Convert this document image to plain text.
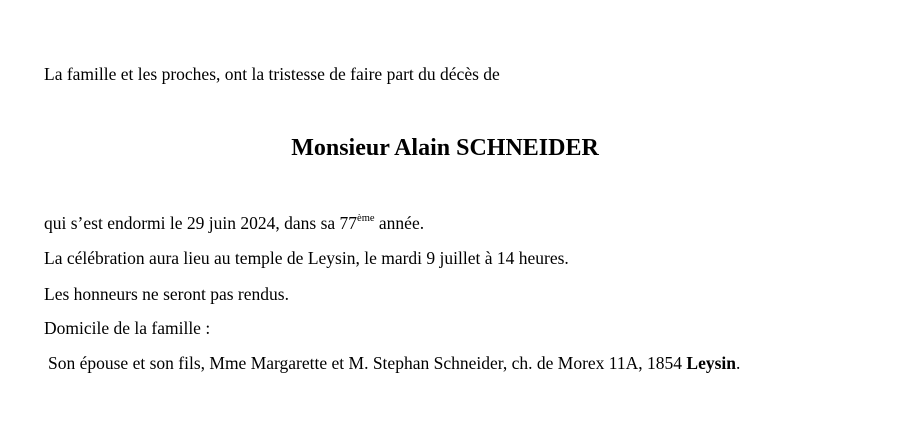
La famille et les proches, ont la tristesse de faire part du décès de
Monsieur Alain SCHNEIDER
qui s’est endormi le 29 juin 2024, dans sa 77ème année.
La célébration aura lieu au temple de Leysin, le mardi 9 juillet à 14 heures.
Les honneurs ne seront pas rendus.
Domicile de la famille :
Son épouse et son fils, Mme Margarette et M. Stephan Schneider, ch. de Morex 11A, 1854 Leysin.
